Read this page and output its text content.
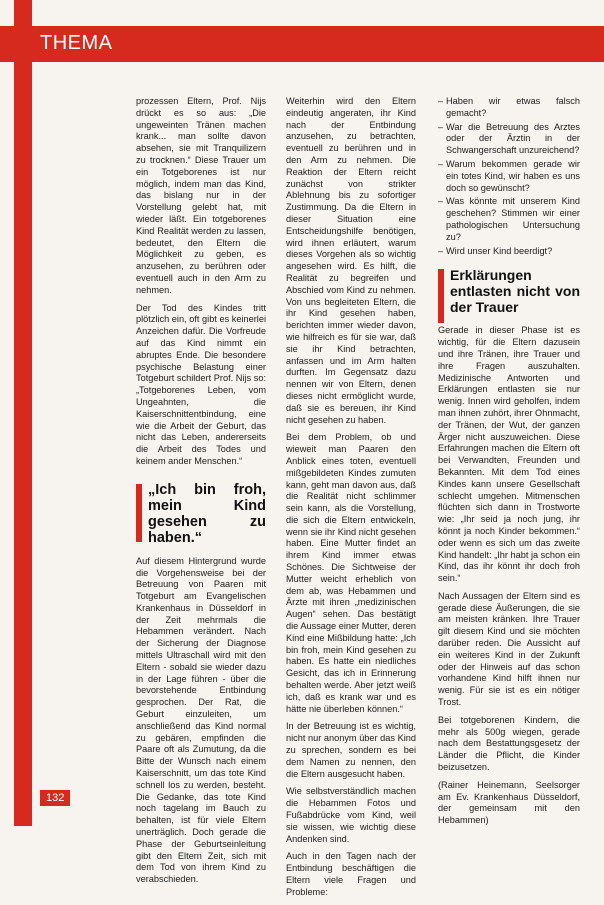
THEMA

prozessen Eltern, Prof. Nijs drückt es so aus: „Die ungeweinten Tränen machen krank... man sollte davon absehen, sie mit Tranquilizern zu trocknen.“ Diese Trauer um ein Totgeborenes ist nur möglich, indem man das Kind, das bislang nur in der Vorstellung gelebt hat, mit wieder läßt. Ein totgeborenes Kind Realität werden zu lassen, bedeutet, den Eltern die Möglichkeit zu geben, es anzusehen, zu berühren oder eventuell auch in den Arm zu nehmen.

Der Tod des Kindes tritt plötzlich ein, oft gibt es keinerlei Anzeichen dafür. Die Vorfreude auf das Kind nimmt ein abruptes Ende. Die besondere psychische Belastung einer Totgeburt schildert Prof. Nijs so: „Totgeborenes Leben, vom Ungeahnten, die Kaiserschnittentbindung, eine wie die Arbeit der Geburt, das nicht das Leben, andererseits die Arbeit des Todes und keinem ander Menschen.“

„Ich bin froh, mein Kind gesehen zu haben.“

Auf diesem Hintergrund wurde die Vorgehensweise bei der Betreuung von Paaren mit Totgeburt am Evangelischen Krankenhaus in Düsseldorf in der Zeit mehrmals die Hebammen verändert. Nach der Sicherung der Diagnose mittels Ultraschall wird mit den Eltern - sobald sie wieder dazu in der Lage führen - über die bevorstehende Entbindung gesprochen. Der Rat, die Geburt einzuleiten, um anschließend das Kind normal zu gebären, empfinden die Paare oft als Zumutung, da die Bitte der Wunsch nach einem Kaiserschnitt, um das tote Kind schnell los zu werden, besteht. Die Gedanke, das tote Kind noch tagelang im Bauch zu behalten, ist für viele Eltern unerträglich. Doch gerade die Phase der Geburtseinleitung gibt den Eltern Zeit, sich mit dem Tod von ihrem Kind zu verabschieden.

Weiterhin wird den Eltern eindeutig angeraten, ihr Kind nach der Entbindung anzusehen, zu betrachten, eventuell zu berühren und in den Arm zu nehmen. Die Reaktion der Eltern reicht zunächst von strikter Ablehnung bis zu sofortiger Zustimmung. Da die Eltern in dieser Situation eine Entscheidungshilfe benötigen, wird ihnen erläutert, warum dieses Vorgehen als so wichtig angesehen wird. Es hilft, die Realität zu begreifen und Abschied vom Kind zu nehmen. Von uns begleiteten Eltern, die ihr Kind gesehen haben, berichten immer wieder davon, wie hilfreich es für sie war, daß sie ihr Kind betrachten, anfassen und im Arm halten durften. Im Gegensatz dazu nennen wir von Eltern, denen dieses nicht ermöglicht wurde, daß sie es bereuen, ihr Kind nicht gesehen zu haben.

Bei dem Problem, ob und wieweit man Paaren den Anblick eines toten, eventuell mißgebildeten Kindes zumuten kann, geht man davon aus, daß die Realität nicht schlimmer sein kann, als die Vorstellung, die sich die Eltern entwickeln, wenn sie ihr Kind nicht gesehen haben. Eine Mutter findet an ihrem Kind immer etwas Schönes. Die Sichtweise der Mutter weicht erheblich von dem ab, was Hebammen und Ärzte mit ihren „medizinischen Augen“ sehen. Das bestätigt die Aussage einer Mutter, deren Kind eine Mißbildung hatte: „Ich bin froh, mein Kind gesehen zu haben. Es hatte ein niedliches Gesicht, das ich in Erinnerung behalten werde. Aber jetzt weiß ich, daß es krank war und es hätte nie überleben können.“

In der Betreuung ist es wichtig, nicht nur anonym über das Kind zu sprechen, sondern es bei dem Namen zu nennen, den die Eltern ausgesucht haben.

Wie selbstverständlich machen die Hebammen Fotos und Fußabdrücke vom Kind, weil sie wissen, wie wichtig diese Andenken sind.

Auch in den Tagen nach der Entbindung beschäftigen die Eltern viele Fragen und Probleme:

– Haben wir etwas falsch gemacht?
– War die Betreuung des Arztes oder der Ärztin in der Schwangerschaft unzureichend?
– Warum bekommen gerade wir ein totes Kind, wir haben es uns doch so gewünscht?
– Was könnte mit unserem Kind geschehen? Stimmen wir einer pathologischen Untersuchung zu?
– Wird unser Kind beerdigt?
Erklärungen entlasten nicht von der Trauer

Gerade in dieser Phase ist es wichtig, für die Eltern dazusein und ihre Tränen, ihre Trauer und ihre Fragen auszuhalten. Medizinische Antworten und Erklärungen entlasten sie nur wenig. Innen wird geholfen, indem man ihnen zuhört, ihrer Ohnmacht, der Tränen, der Wut, der ganzen Ärger nicht auszuweichen. Diese Erfahrungen machen die Eltern oft bei Verwandten, Freunden und Bekannten. Mit dem Tod eines Kindes kann unsere Gesellschaft schlecht umgehen. Mitmenschen flüchten sich dann in Trostworte wie: „Ihr seid ja noch jung, ihr könnt ja noch Kinder bekommen.“ oder wenn es sich um das zweite Kind handelt: „Ihr habt ja schon ein Kind, das ihr könnt ihr doch froh sein.“

Nach Aussagen der Eltern sind es gerade diese Äußerungen, die sie am meisten kränken. Ihre Trauer gilt diesem Kind und sie möchten darüber reden. Die Aussicht auf ein weiteres Kind in der Zukunft oder der Hinweis auf das schon vorhandene Kind hilft ihnen nur wenig. Für sie ist es ein nötiger Trost.

Bei totgeborenen Kindern, die mehr als 500g wiegen, gerade nach dem Bestattungsgesetz der Länder die Pflicht, die Kinder beizusetzen.

(Rainer Heinemann, Seelsorger am Ev. Krankenhaus Düsseldorf, der gemeinsam mit den Hebammen)

132
